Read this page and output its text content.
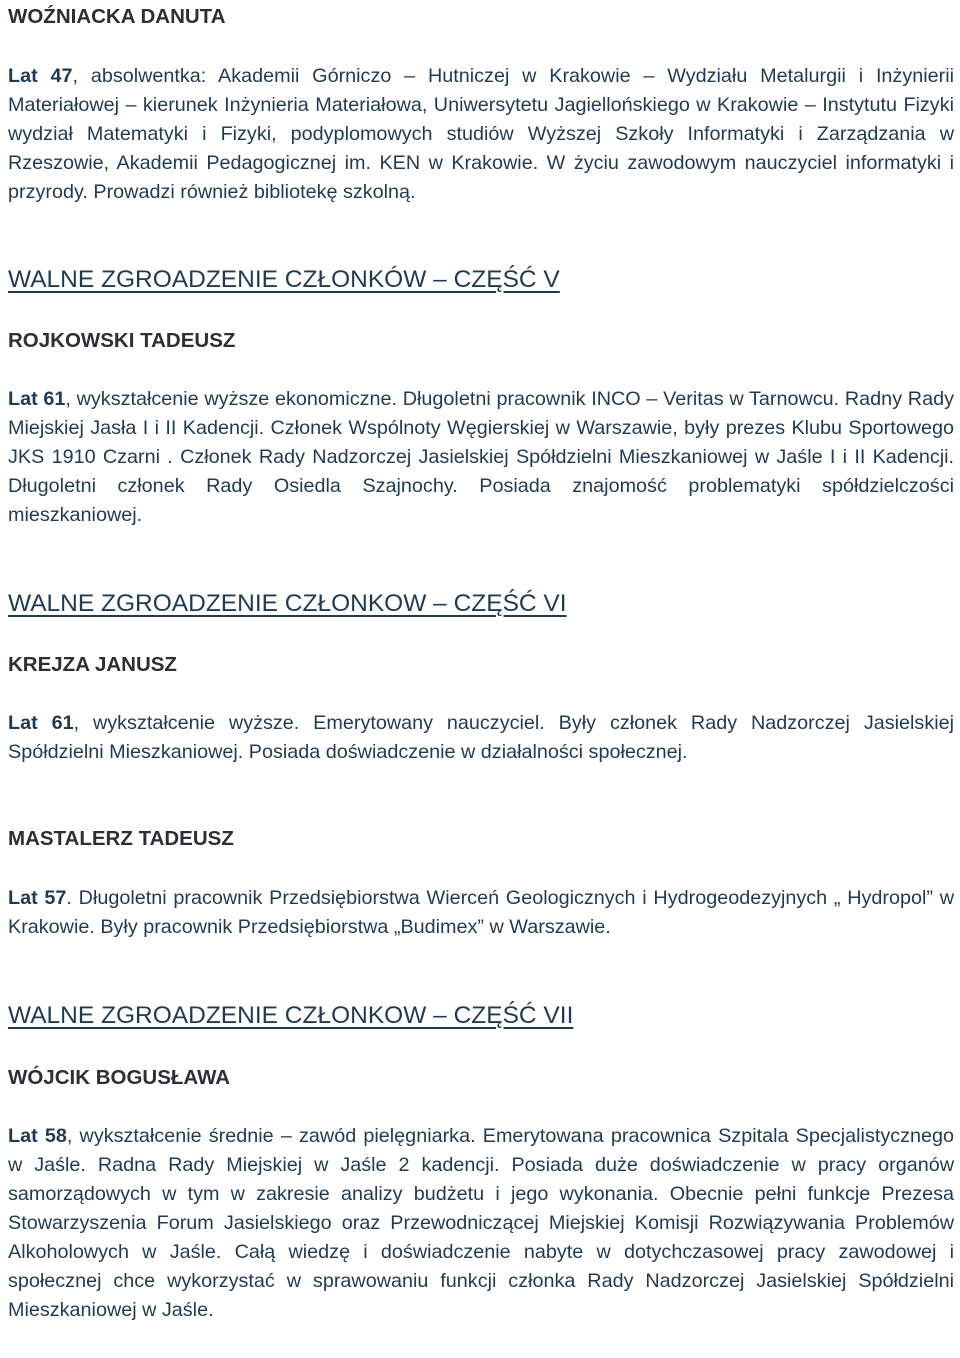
WOŹNIACKA DANUTA

Lat 47, absolwentka: Akademii Górniczo – Hutniczej w Krakowie – Wydziału Metalurgii i Inżynierii Materiałowej – kierunek Inżynieria Materiałowa, Uniwersytetu Jagiellońskiego w Krakowie – Instytutu Fizyki wydział Matematyki i Fizyki, podyplomowych studiów Wyższej Szkoły Informatyki i Zarządzania w Rzeszowie, Akademii Pedagogicznej im. KEN w Krakowie. W życiu zawodowym nauczyciel informatyki i przyrody. Prowadzi również bibliotekę szkolną.

WALNE ZGROADZENIE CZŁONKÓW – CZĘŚĆ V
ROJKOWSKI TADEUSZ

Lat 61, wykształcenie wyższe ekonomiczne. Długoletni pracownik INCO – Veritas w Tarnowcu. Radny Rady Miejskiej Jasła I i II Kadencji. Członek Wspólnoty Węgierskiej w Warszawie, były prezes Klubu Sportowego JKS 1910 Czarni . Członek Rady Nadzorczej Jasielskiej Spółdzielni Mieszkaniowej w Jaśle I i II Kadencji. Długoletni członek Rady Osiedla Szajnochy. Posiada znajomość problematyki spółdzielczości mieszkaniowej.

WALNE ZGROADZENIE CZŁONKOW – CZĘŚĆ VI
KREJZA JANUSZ

Lat 61, wykształcenie wyższe. Emerytowany nauczyciel. Były członek Rady Nadzorczej Jasielskiej Spółdzielni Mieszkaniowej. Posiada doświadczenie w działalności społecznej.

MASTALERZ TADEUSZ

Lat 57. Długoletni pracownik Przedsiębiorstwa Wierceń Geologicznych i Hydrogeodezyjnych „ Hydropol” w Krakowie. Były pracownik Przedsiębiorstwa „Budimex” w Warszawie.

WALNE ZGROADZENIE CZŁONKOW – CZĘŚĆ VII
WÓJCIK BOGUSŁAWA

Lat 58, wykształcenie średnie – zawód pielęgniarka. Emerytowana pracownica Szpitala Specjalistycznego w Jaśle. Radna Rady Miejskiej w Jaśle 2 kadencji. Posiada duże doświadczenie w pracy organów samorządowych w tym w zakresie analizy budżetu i jego wykonania. Obecnie pełni funkcje Prezesa Stowarzyszenia Forum Jasielskiego oraz Przewodniczącej Miejskiej Komisji Rozwiązywania Problemów Alkoholowych w Jaśle. Całą wiedzę i doświadczenie nabyte w dotychczasowej pracy zawodowej i społecznej chce wykorzystać w sprawowaniu funkcji członka Rady Nadzorczej Jasielskiej Spółdzielni Mieszkaniowej w Jaśle.
